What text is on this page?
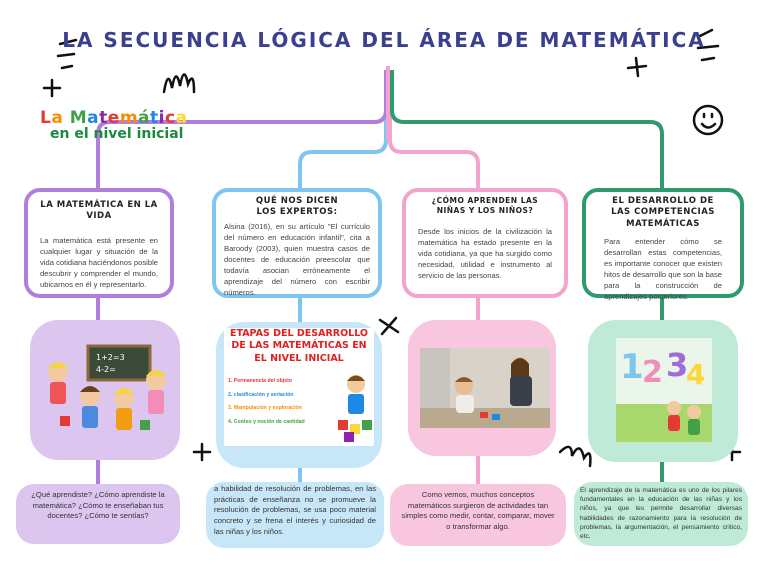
LA SECUENCIA LÓGICA DEL ÁREA DE MATEMÁTICA
La Matemática
en el nivel inicial
LA MATEMÁTICA EN LA VIDA

La matemática está presente en cualquier lugar y situación de la vida cotidiana haciéndonos posible descubrir y comprender el mundo, ubicarnos en él y representarlo.

QUÉ NOS DICEN LOS EXPERTOS:

Alsina (2016), en su artículo "El currículo del número en educación infantil", cita a Baroody (2003), quien muestra casos de docentes de educación preescolar que todavía asocian erróneamente el aprendizaje del número con escribir números.

¿CÓMO APRENDEN LAS NIÑAS Y LOS NIÑOS?

Desde los inicios de la civilización la matemática ha estado presente en la vida cotidiana, ya que ha surgido como necesidad, utilidad e instrumento al servicio de las personas.

EL DESARROLLO DE LAS COMPETENCIAS MATEMÁTICAS

Para entender cómo se desarrollan estas competencias, es importante conocer que existen hitos de desarrollo que son la base para la construcción de aprendizajes posteriores.

1+2=3
4-2=
ETAPAS DEL DESARROLLO DE LAS MATEMÁTICAS EN EL NIVEL INICIAL
1. Permanencia del objeto
2. clasificación y seriación
3. Manipulación y exploración
4. Conteo y noción de cantidad
1
2 3
4
¿Qué aprendiste? ¿Cómo aprendiste la matemática? ¿Cómo te enseñaban tus docentes? ¿Cómo te sentías?
a habilidad de resolución de problemas, en las prácticas de enseñanza no se promueve la resolución de problemas, se usa poco material concreto y se frena el interés y curiosidad de las niñas y los niños.
Como vemos, muchos conceptos matemáticos surgieron de actividades tan simples como medir, contar, comparar, mover o transformar algo.
El aprendizaje de la matemática es uno de los pilares fundamentales en la educación de las niñas y los niños, ya que les permite desarrollar diversas habilidades de razonamiento para la resolución de problemas, la argumentación, el pensamiento crítico, etc.
